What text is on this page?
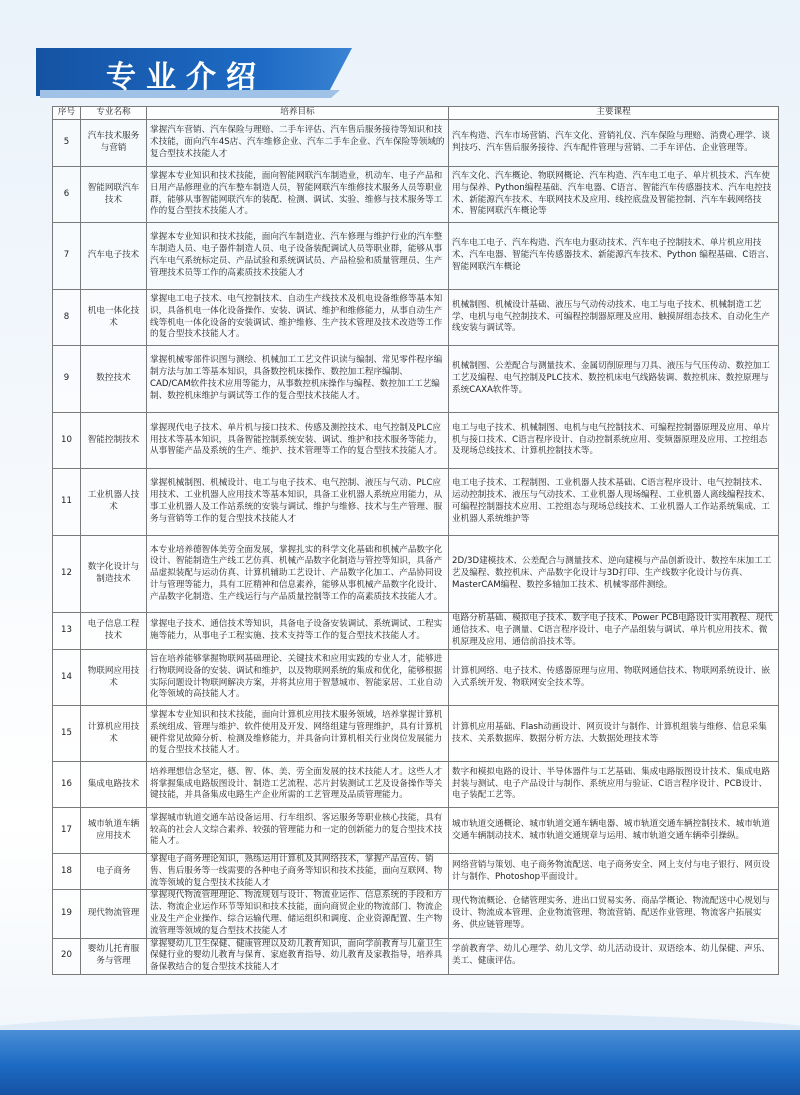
专业介绍
序号	专业名称	培养目标	主要课程
5	汽车技术服务与营销	掌握汽车营销、汽车保险与理赔、二手车评估、汽车售后服务接待等知识和技术技能，面向汽车4S店、汽车维修企业、汽车二手车企业、汽车保险等领域的复合型技术技能人才	汽车构造、汽车市场营销、汽车文化、营销礼仪、汽车保险与理赔、消费心理学、谈判技巧、汽车售后服务接待、汽车配件管理与营销、二手车评估、企业管理等。
6	智能网联汽车技术	掌握本专业知识和技术技能，面向智能网联汽车制造业，机动车、电子产品和日用产品修理业的汽车整车制造人员，智能网联汽车维修技术服务人员等职业群，能够从事智能网联汽车的装配、检测、调试、实验、维修与技术服务等工作的复合型技术技能人才。	汽车文化、汽车概论、物联网概论、汽车构造、汽车电工电子、单片机技术、汽车使用与保养、Python编程基础、汽车电器、C语言、智能汽车传感器技术、汽车电控技术、新能源汽车技术、车联网技术及应用、线控底盘及智能控制、汽车车载网络技术、智能网联汽车概论等
7	汽车电子技术	掌握本专业知识和技术技能，面向汽车制造业、汽车修理与维护行业的汽车整车制造人员、电子器件制造人员、电子设备装配调试人员等职业群，能够从事汽车电气系统标定员、产品试验和系统调试员、产品检验和质量管理员、生产管理技术员等工作的高素质技术技能人才	汽车电工电子、汽车构造、汽车电力驱动技术、汽车电子控制技术、单片机应用技术、汽车电器、智能汽车传感器技术、新能源汽车技术、Python 编程基础、C语言、智能网联汽车概论
8	机电一体化技术	掌握电工电子技术、电气控制技术、自动生产线技术及机电设备维修等基本知识，具备机电一体化设备操作、安装、调试、维护和维修能力，从事自动生产线等机电一体化设备的安装调试、维护维修、生产技术管理及技术改造等工作的复合型技术技能人才。	机械制图、机械设计基础、液压与气动传动技术、电工与电子技术、机械制造工艺学、电机与电气控制技术、可编程控制器原理及应用、触摸屏组态技术、自动化生产线安装与调试等。
9	数控技术	掌握机械零部件识图与测绘、机械加工工艺文件识读与编制、常见零件程序编制方法与加工等基本知识，具备数控机床操作、数控加工程序编制、CAD/CAM软件技术应用等能力，从事数控机床操作与编程、数控加工工艺编制、数控机床维护与调试等工作的复合型技术技能人才。	机械制图、公差配合与测量技术、金属切削原理与刀具、液压与气压传动、数控加工工艺及编程、电气控制及PLC技术、数控机床电气线路装调、数控机床、数控原理与系统CAXA软件等。
10	智能控制技术	掌握现代电子技术、单片机与接口技术、传感及测控技术、电气控制及PLC应用技术等基本知识，具备智能控制系统安装、调试、维护和技术服务等能力，从事智能产品及系统的生产、维护、技术管理等工作的复合型技术技能人才。	电工与电子技术、机械制图、电机与电气控制技术、可编程控制器原理及应用、单片机与接口技术、C语言程序设计、自动控制系统应用、变频器原理及应用、工控组态及现场总线技术、计算机控制技术等。
11	工业机器人技术	掌握机械制图、机械设计、电工与电子技术、电气控制、液压与气动、PLC应用技术、工业机器人应用技术等基本知识，具备工业机器人系统应用能力，从事工业机器人及工作站系统的安装与调试、维护与维修、技术与生产管理、服务与营销等工作的复合型技术技能人才	电工电子技术、工程制图、工业机器人技术基础、C语言程序设计、电气控制技术、运动控制技术、液压与气动技术、工业机器人现场编程、工业机器人离线编程技术、可编程控制器技术应用、工控组态与现场总线技术、工业机器人工作站系统集成、工业机器人系统维护等
12	数字化设计与制造技术	本专业培养德智体美劳全面发展，掌握扎实的科学文化基础和机械产品数字化设计、智能制造生产线工艺仿真、机械产品数字化制造与管控等知识，具备产品虚拟装配与运动仿真、计算机辅助工艺设计、产品数字化加工、产品协同设计与管理等能力，具有工匠精神和信息素养，能够从事机械产品数字化设计、产品数字化制造、生产线运行与产品质量控制等工作的高素质技术技能人才。	2D/3D建模技术、公差配合与测量技术、逆向建模与产品创新设计、数控车床加工工艺及编程、数控机床、产品数字化设计与3D打印、生产线数字化设计与仿真、MasterCAM编程、数控多轴加工技术、机械零部件测绘。
13	电子信息工程技术	掌握电子技术、通信技术等知识，具备电子设备安装调试、系统调试、工程实施等能力，从事电子工程实施、技术支持等工作的复合型技术技能人才。	电路分析基础、模拟电子技术、数字电子技术、Power PCB电路设计实用教程、现代通信技术、电子测量、C语言程序设计、电子产品组装与调试、单片机应用技术、微机原理及应用、通信前沿技术等。
14	物联网应用技术	旨在培养能够掌握物联网基础理论、关键技术和应用实践的专业人才，能够进行物联网设备的安装、调试和维护，以及物联网系统的集成和优化，能够根据实际问题设计物联网解决方案，并将其应用于智慧城市、智能家居、工业自动化等领域的高技能人才。	计算机网络、电子技术、传感器原理与应用、物联网通信技术、物联网系统设计、嵌入式系统开发、物联网安全技术等。
15	计算机应用技术	掌握本专业知识和技术技能，面向计算机应用技术服务领域，培养掌握计算机系统组成、管理与维护、软件使用及开发、网络组建与管理维护，具有计算机硬件常见故障分析、检测及维修能力，并具备向计算机相关行业岗位发展能力的复合型技术技能人才。	计算机应用基础、Flash动画设计、网页设计与制作、计算机组装与维修、信息采集技术、关系数据库、数据分析方法、大数据处理技术等
16	集成电路技术	培养理想信念坚定，德、智、体、美、劳全面发展的技术技能人才。这些人才将掌握集成电路版图设计、制造工艺流程、芯片封装测试工艺及设备操作等关键技能，并具备集成电路生产企业所需的工艺管理及品质管理能力。	数字和模拟电路的设计、半导体器件与工艺基础、集成电路版图设计技术、集成电路封装与测试、电子产品设计与制作、系统应用与验证、C语言程序设计、PCB设计、电子装配工艺等。
17	城市轨道车辆应用技术	掌握城市轨道交通车站设备运用、行车组织、客运服务等职业核心技能，具有较高的社会人文综合素养、较强的管理能力和一定的创新能力的复合型技术技能人才。	城市轨道交通概论、城市轨道交通车辆电器、城市轨道交通车辆控制技术、城市轨道交通车辆制动技术、城市轨道交通规章与运用、城市轨道交通车辆牵引操纵。
18	电子商务	掌握电子商务理论知识，熟练运用计算机及其网络技术，掌握产品宣传、销售、售后服务等一线需要的各种电子商务等知识和技术技能，面向互联网、物流等领域的复合型技术技能人才	网络营销与策划、电子商务物流配送、电子商务安全、网上支付与电子银行、网页设计与制作、Photoshop平面设计。
19	现代物流管理	掌握现代物流管理理论、物流规划与设计、物流业运作、信息系统的手段和方法、物流企业运作环节等知识和技术技能，面向商贸企业的物流部门、物流企业及生产企业操作、综合运输代理、储运组织和调度、企业资源配置、生产物流管理等领域的复合型技术技能人才	现代物流概论、仓储管理实务、进出口贸易实务、商品学概论、物流配送中心规划与设计、物流成本管理、企业物流管理、物流营销、配送作业管理、物流客户拓展实务、供应链管理等。
20	婴幼儿托育服务与管理	掌握婴幼儿卫生保健、健康管理以及幼儿教育知识，面向学前教育与儿童卫生保健行业的婴幼儿教育与保育、家庭教育指导、幼儿教育及家教指导，培养具备保教结合的复合型技术技能人才	学前教育学、幼儿心理学、幼儿文学、幼儿活动设计、双语绘本、幼儿保健、声乐、美工、健康评估。
